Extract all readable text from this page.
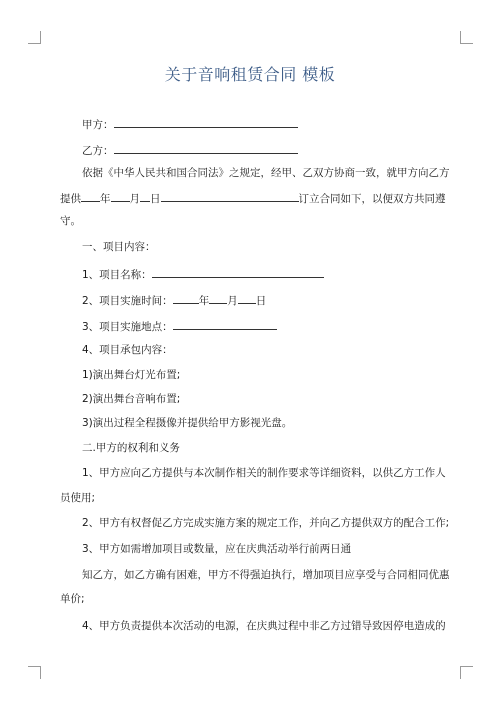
关于音响租赁合同 模板
甲方：
乙方：
依据《中华人民共和国合同法》之规定，经甲、乙双方协商一致，就甲方向乙方
提供 年 月 日	订立合同如下，以便双方共同遵
守。
一、项目内容：
1、项目名称：
2、项目实施时间： 年 月 日
3、项目实施地点：
4、项目承包内容：
1)演出舞台灯光布置;
2)演出舞台音响布置;
3)演出过程全程摄像并提供给甲方影视光盘。
二.甲方的权利和义务
1、甲方应向乙方提供与本次制作相关的制作要求等详细资料，以供乙方工作人
员使用;
2、甲方有权督促乙方完成实施方案的规定工作，并向乙方提供双方的配合工作;
3、甲方如需增加项目或数量，应在庆典活动举行前两日通
知乙方，如乙方确有困难，甲方不得强迫执行，增加项目应享受与合同相同优惠
单价;
4、甲方负责提供本次活动的电源，在庆典过程中非乙方过错导致因停电造成的
